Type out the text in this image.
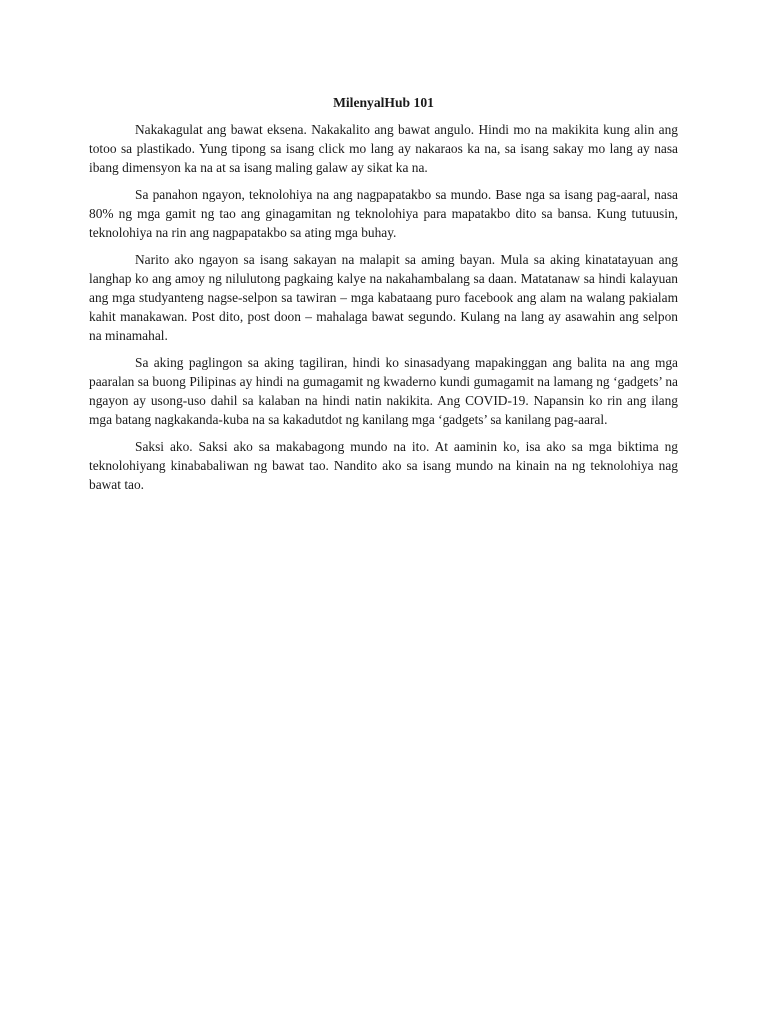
MilenyalHub 101

Nakakagulat ang bawat eksena. Nakakalito ang bawat angulo. Hindi mo na makikita kung alin ang totoo sa plastikado. Yung tipong sa isang click mo lang ay nakaraos ka na, sa isang sakay mo lang ay nasa ibang dimensyon ka na at sa isang maling galaw ay sikat ka na.

Sa panahon ngayon, teknolohiya na ang nagpapatakbo sa mundo. Base nga sa isang pag-aaral, nasa 80% ng mga gamit ng tao ang ginagamitan ng teknolohiya para mapatakbo dito sa bansa. Kung tutuusin, teknolohiya na rin ang nagpapatakbo sa ating mga buhay.

Narito ako ngayon sa isang sakayan na malapit sa aming bayan. Mula sa aking kinatatayuan ang langhap ko ang amoy ng nilulutong pagkaing kalye na nakahambalang sa daan. Matatanaw sa hindi kalayuan ang mga studyanteng nagse-selpon sa tawiran – mga kabataang puro facebook ang alam na walang pakialam kahit manakawan. Post dito, post doon – mahalaga bawat segundo. Kulang na lang ay asawahin ang selpon na minamahal.

Sa aking paglingon sa aking tagiliran, hindi ko sinasadyang mapakinggan ang balita na ang mga paaralan sa buong Pilipinas ay hindi na gumagamit ng kwaderno kundi gumagamit na lamang ng ‘gadgets’ na ngayon ay usong-uso dahil sa kalaban na hindi natin nakikita. Ang COVID-19. Napansin ko rin ang ilang mga batang nagkakanda-kuba na sa kakadutdot ng kanilang mga ‘gadgets’ sa kanilang pag-aaral.

Saksi ako. Saksi ako sa makabagong mundo na ito. At aaminin ko, isa ako sa mga biktima ng teknolohiyang kinababaliwan ng bawat tao. Nandito ako sa isang mundo na kinain na ng teknolohiya nag bawat tao.
